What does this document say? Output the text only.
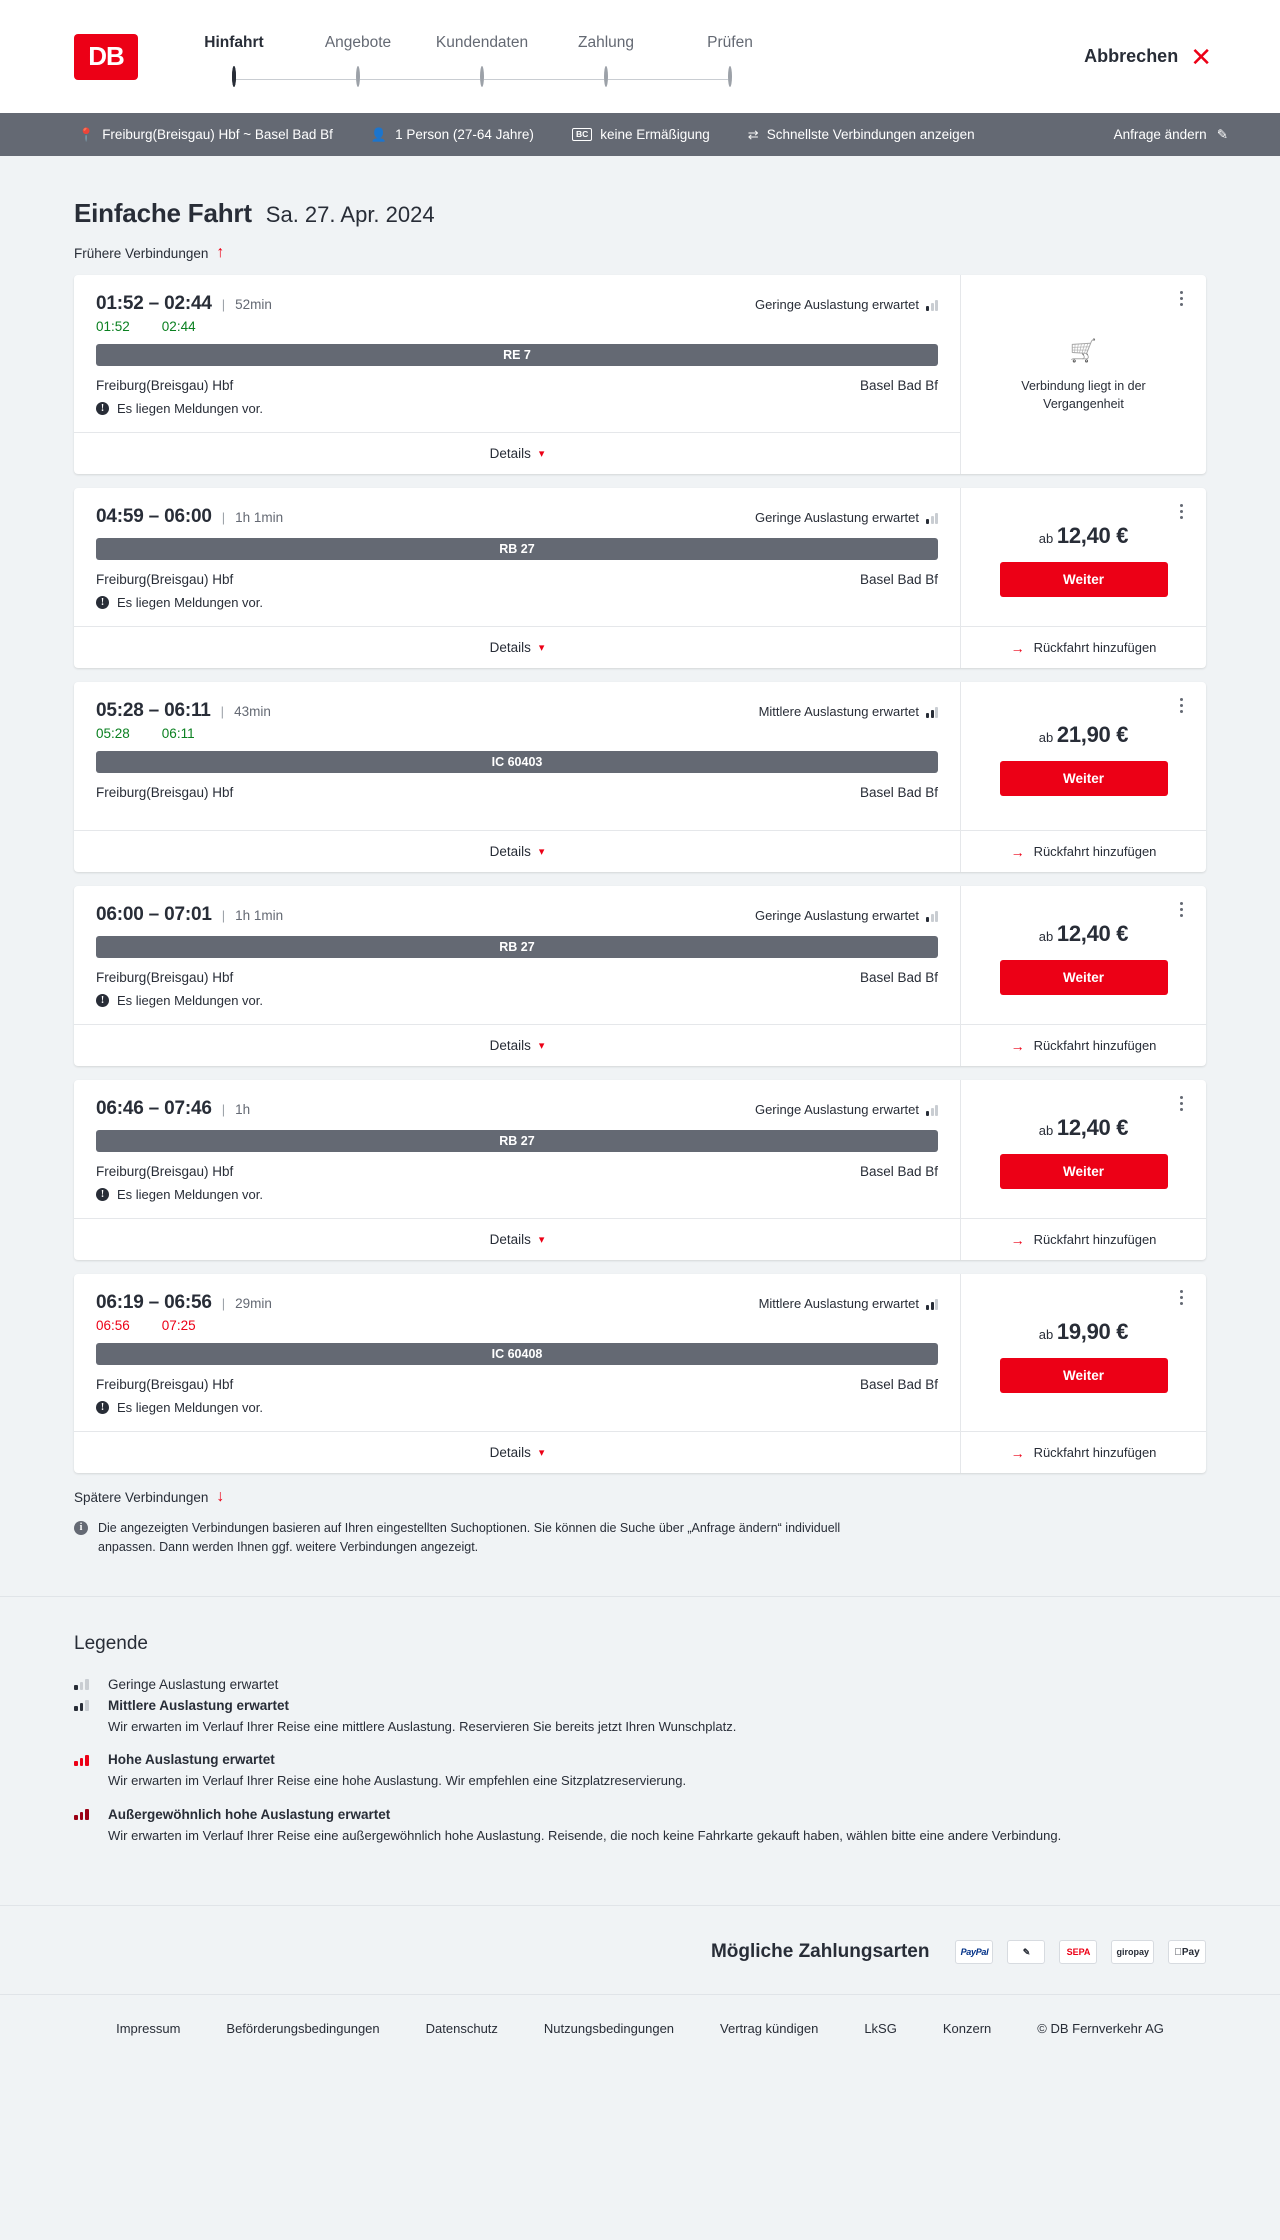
DB	Hinfahrt	Angebote	Kundendaten	Zahlung	Prüfen
Abbrechen ✕
📍 Freiburg(Breisgau) Hbf ~ Basel Bad Bf	👤 1 Person (27-64 Jahre)	BC keine Ermäßigung	⇄ Schnellste Verbindungen anzeigen	Anfrage ändern ✎
Einfache Fahrt Sa. 27. Apr. 2024
Frühere Verbindungen ↑
01:52 – 02:44 | 52min	Geringe Auslastung erwartet
01:52 02:44
RE 7
Freiburg(Breisgau) Hbf	Basel Bad Bf
! Es liegen Meldungen vor.
Details ▾
🛒
Verbindung liegt in der Vergangenheit
04:59 – 06:00 | 1h 1min	Geringe Auslastung erwartet
RB 27
Freiburg(Breisgau) Hbf	Basel Bad Bf
! Es liegen Meldungen vor.
Details ▾
ab 12,40 €
Weiter
→ Rückfahrt hinzufügen
05:28 – 06:11 | 43min	Mittlere Auslastung erwartet
05:28 06:11
IC 60403
Freiburg(Breisgau) Hbf	Basel Bad Bf
Details ▾
ab 21,90 €
Weiter
→ Rückfahrt hinzufügen
06:00 – 07:01 | 1h 1min	Geringe Auslastung erwartet
RB 27
Freiburg(Breisgau) Hbf	Basel Bad Bf
! Es liegen Meldungen vor.
Details ▾
ab 12,40 €
Weiter
→ Rückfahrt hinzufügen
06:46 – 07:46 | 1h	Geringe Auslastung erwartet
RB 27
Freiburg(Breisgau) Hbf	Basel Bad Bf
! Es liegen Meldungen vor.
Details ▾
ab 12,40 €
Weiter
→ Rückfahrt hinzufügen
06:19 – 06:56 | 29min	Mittlere Auslastung erwartet
06:56 07:25
IC 60408
Freiburg(Breisgau) Hbf	Basel Bad Bf
! Es liegen Meldungen vor.
Details ▾
ab 19,90 €
Weiter
→ Rückfahrt hinzufügen
Spätere Verbindungen ↓
i	Die angezeigten Verbindungen basieren auf Ihren eingestellten Suchoptionen. Sie können die Suche über „Anfrage ändern“ individuell anpassen. Dann werden Ihnen ggf. weitere Verbindungen angezeigt.
Legende
Geringe Auslastung erwartet
Mittlere Auslastung erwartet
Wir erwarten im Verlauf Ihrer Reise eine mittlere Auslastung. Reservieren Sie bereits jetzt Ihren Wunschplatz.
Hohe Auslastung erwartet
Wir erwarten im Verlauf Ihrer Reise eine hohe Auslastung. Wir empfehlen eine Sitzplatzreservierung.
Außergewöhnlich hohe Auslastung erwartet
Wir erwarten im Verlauf Ihrer Reise eine außergewöhnlich hohe Auslastung. Reisende, die noch keine Fahrkarte gekauft haben, wählen bitte eine andere Verbindung.
Mögliche Zahlungsarten	PayPal	✎	SEPA	giropay	Pay
Impressum	Beförderungsbedingungen	Datenschutz	Nutzungsbedingungen	Vertrag kündigen	LkSG	Konzern	© DB Fernverkehr AG
